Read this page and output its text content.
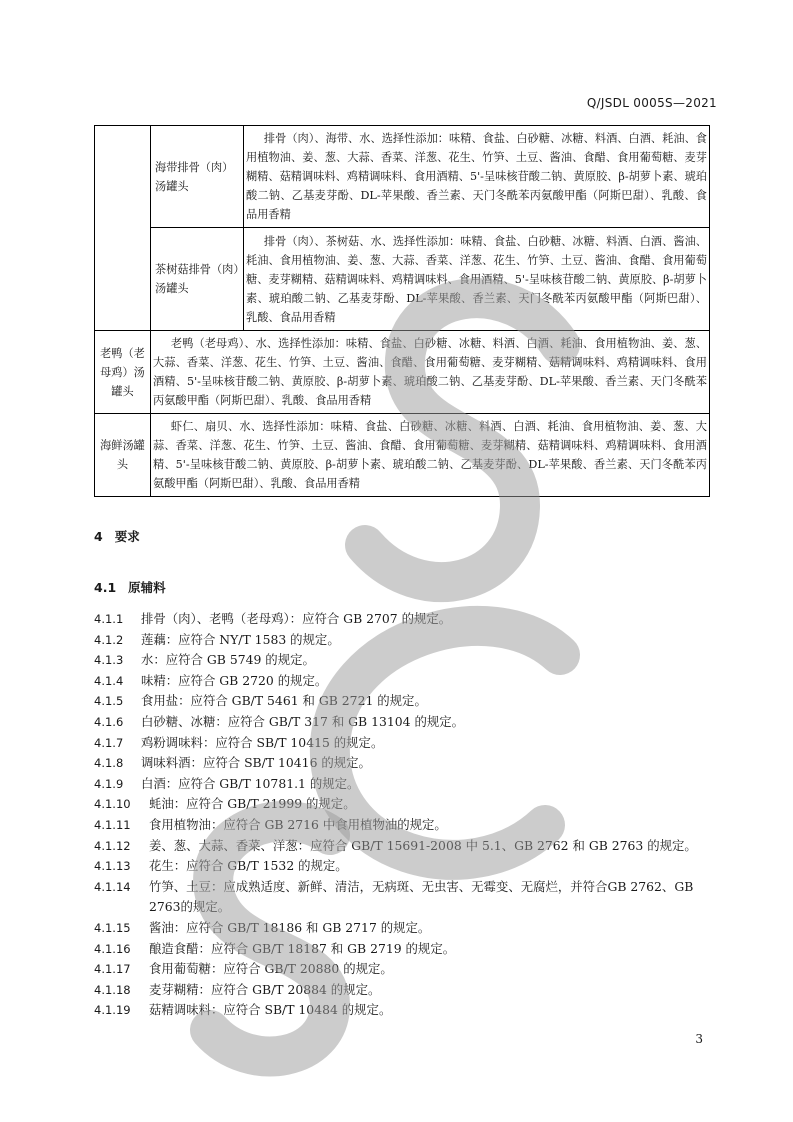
Q/JSDL 0005S—2021
	海带排骨（肉）汤罐头	排骨（肉）、海带、水、选择性添加：味精、食盐、白砂糖、冰糖、料酒、白酒、耗油、食用植物油、姜、葱、大蒜、香菜、洋葱、花生、竹笋、土豆、酱油、食醋、食用葡萄糖、麦芽糊精、菇精调味料、鸡精调味料、食用酒精、5'-呈味核苷酸二钠、黄原胶、β-胡萝卜素、琥珀酸二钠、乙基麦芽酚、DL-苹果酸、香兰素、天门冬酰苯丙氨酸甲酯（阿斯巴甜）、乳酸、食品用香精

	茶树菇排骨（肉）汤罐头	排骨（肉）、茶树菇、水、选择性添加：味精、食盐、白砂糖、冰糖、料酒、白酒、酱油、耗油、食用植物油、姜、葱、大蒜、香菜、洋葱、花生、竹笋、土豆、酱油、食醋、食用葡萄糖、麦芽糊精、菇精调味料、鸡精调味料、食用酒精、5'-呈味核苷酸二钠、黄原胶、β-胡萝卜素、琥珀酸二钠、乙基麦芽酚、DL-苹果酸、香兰素、天门冬酰苯丙氨酸甲酯（阿斯巴甜）、乳酸、食品用香精

老鸭（老母鸡）汤罐头	老鸭（老母鸡）、水、选择性添加：味精、食盐、白砂糖、冰糖、料酒、白酒、耗油、食用植物油、姜、葱、大蒜、香菜、洋葱、花生、竹笋、土豆、酱油、食醋、食用葡萄糖、麦芽糊精、菇精调味料、鸡精调味料、食用酒精、5'-呈味核苷酸二钠、黄原胶、β-胡萝卜素、琥珀酸二钠、乙基麦芽酚、DL-苹果酸、香兰素、天门冬酰苯丙氨酸甲酯（阿斯巴甜）、乳酸、食品用香精	

海鲜汤罐头	虾仁、扇贝、水、选择性添加：味精、食盐、白砂糖、冰糖、料酒、白酒、耗油、食用植物油、姜、葱、大蒜、香菜、洋葱、花生、竹笋、土豆、酱油、食醋、食用葡萄糖、麦芽糊精、菇精调味料、鸡精调味料、食用酒精、5'-呈味核苷酸二钠、黄原胶、β-胡萝卜素、琥珀酸二钠、乙基麦芽酚、DL-苹果酸、香兰素、天门冬酰苯丙氨酸甲酯（阿斯巴甜）、乳酸、食品用香精	
4 要求
4.1 原辅料
4.1.1	排骨（肉）、老鸭（老母鸡）：应符合 GB 2707 的规定。
4.1.2	莲藕：应符合 NY/T 1583 的规定。
4.1.3	水：应符合 GB 5749 的规定。
4.1.4	味精：应符合 GB 2720 的规定。
4.1.5	食用盐：应符合 GB/T 5461 和 GB 2721 的规定。
4.1.6	白砂糖、冰糖：应符合 GB/T 317 和 GB 13104 的规定。
4.1.7	鸡粉调味料：应符合 SB/T 10415 的规定。
4.1.8	调味料酒：应符合 SB/T 10416 的规定。
4.1.9	白酒：应符合 GB/T 10781.1 的规定。
4.1.10	蚝油：应符合 GB/T 21999 的规定。
4.1.11	食用植物油：应符合 GB 2716 中食用植物油的规定。
4.1.12	姜、葱、大蒜、香菜、洋葱：应符合 GB/T 15691-2008 中 5.1、GB 2762 和 GB 2763 的规定。
4.1.13	花生：应符合 GB/T 1532 的规定。
4.1.14	竹笋、土豆：应成熟适度、新鲜、清洁，无病斑、无虫害、无霉变、无腐烂，并符合GB 2762、GB 2763的规定。
4.1.15	酱油：应符合 GB/T 18186 和 GB 2717 的规定。
4.1.16	酿造食醋：应符合 GB/T 18187 和 GB 2719 的规定。
4.1.17	食用葡萄糖：应符合 GB/T 20880 的规定。
4.1.18	麦芽糊精：应符合 GB/T 20884 的规定。
4.1.19	菇精调味料：应符合 SB/T 10484 的规定。
3
